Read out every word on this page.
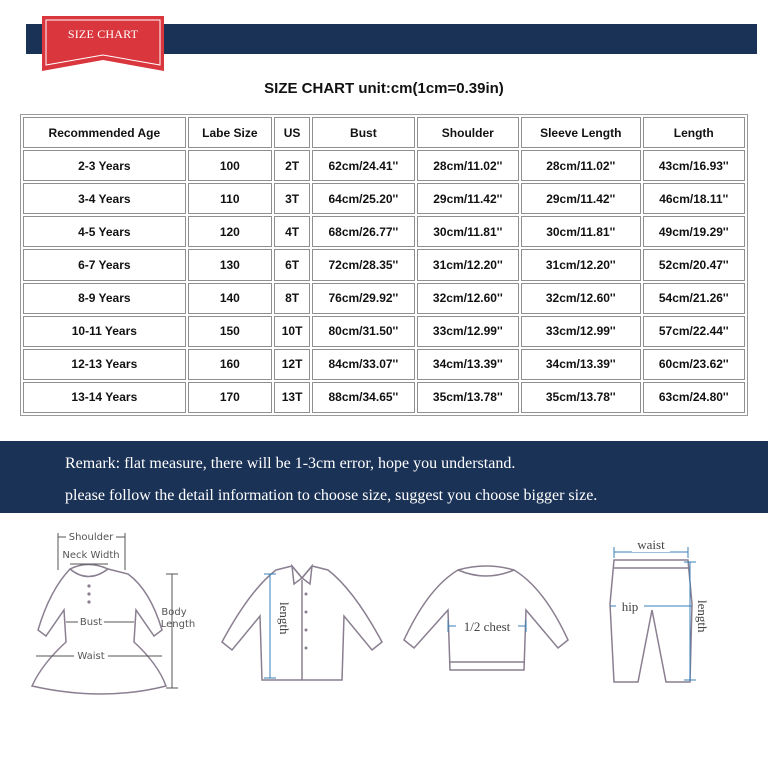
SIZE CHART
SIZE CHART unit:cm(1cm=0.39in)
Recommended Age	Labe Size	US	Bust	Shoulder	Sleeve Length	Length
2-3 Years	100	2T	62cm/24.41''	28cm/11.02''	28cm/11.02''	43cm/16.93''
3-4 Years	110	3T	64cm/25.20''	29cm/11.42''	29cm/11.42''	46cm/18.11''
4-5 Years	120	4T	68cm/26.77''	30cm/11.81''	30cm/11.81''	49cm/19.29''
6-7 Years	130	6T	72cm/28.35''	31cm/12.20''	31cm/12.20''	52cm/20.47''
8-9 Years	140	8T	76cm/29.92''	32cm/12.60''	32cm/12.60''	54cm/21.26''
10-11 Years	150	10T	80cm/31.50''	33cm/12.99''	33cm/12.99''	57cm/22.44''
12-13 Years	160	12T	84cm/33.07''	34cm/13.39''	34cm/13.39''	60cm/23.62''
13-14 Years	170	13T	88cm/34.65''	35cm/13.78''	35cm/13.78''	63cm/24.80''
Remark: flat measure, there will be 1-3cm error, hope you understand.
please follow the detail information to choose size, suggest you choose bigger size.
Shoulder
Neck Width
Bust
Waist
Body
Length	length	1/2 chest
waist
hip	length
